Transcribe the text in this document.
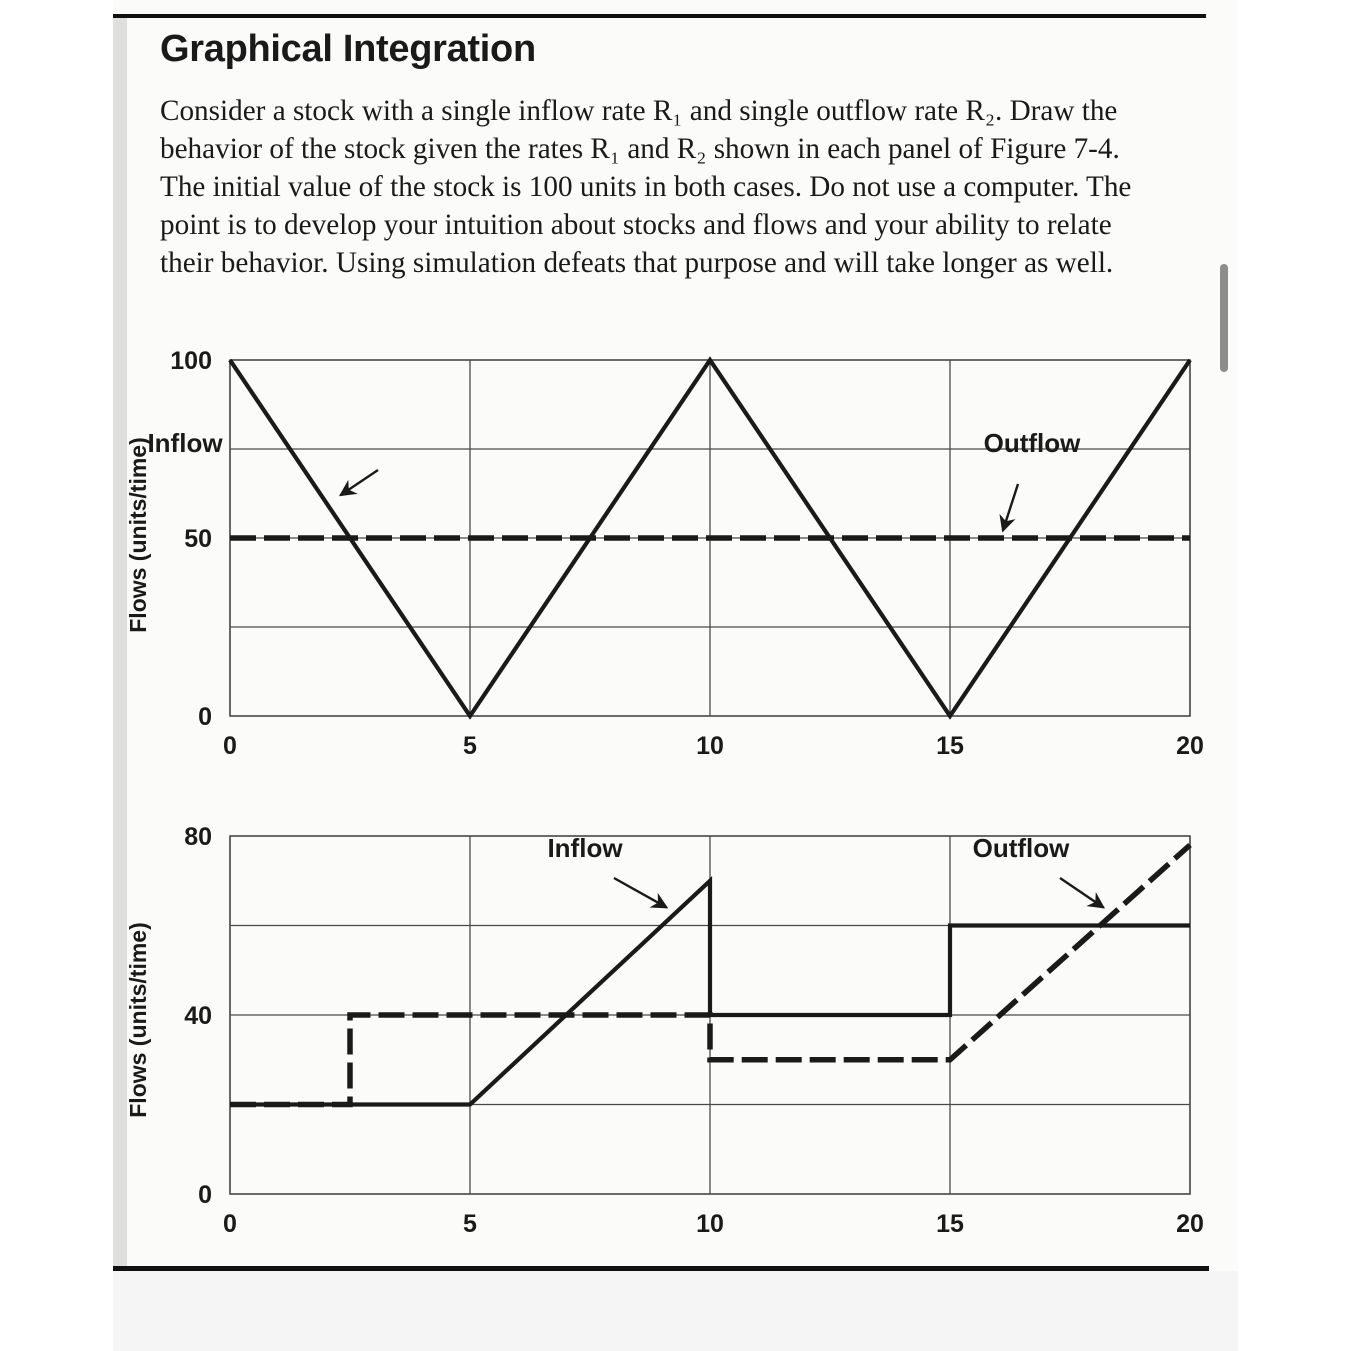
Graphical Integration

Consider a stock with a single inflow rate R₁ and single outflow rate R₂. Draw the
behavior of the stock given the rates R₁ and R₂ shown in each panel of Figure 7-4.
The initial value of the stock is 100 units in both cases. Do not use a computer. The
point is to develop your intuition about stocks and flows and your ability to relate
their behavior. Using simulation defeats that purpose and will take longer as well.

0	5	10	15	20
0
50
100
Flows (units/time)
Inflow	Outflow
0	5	10	15	20
0
40
80
Flows (units/time)
Inflow	Outflow
